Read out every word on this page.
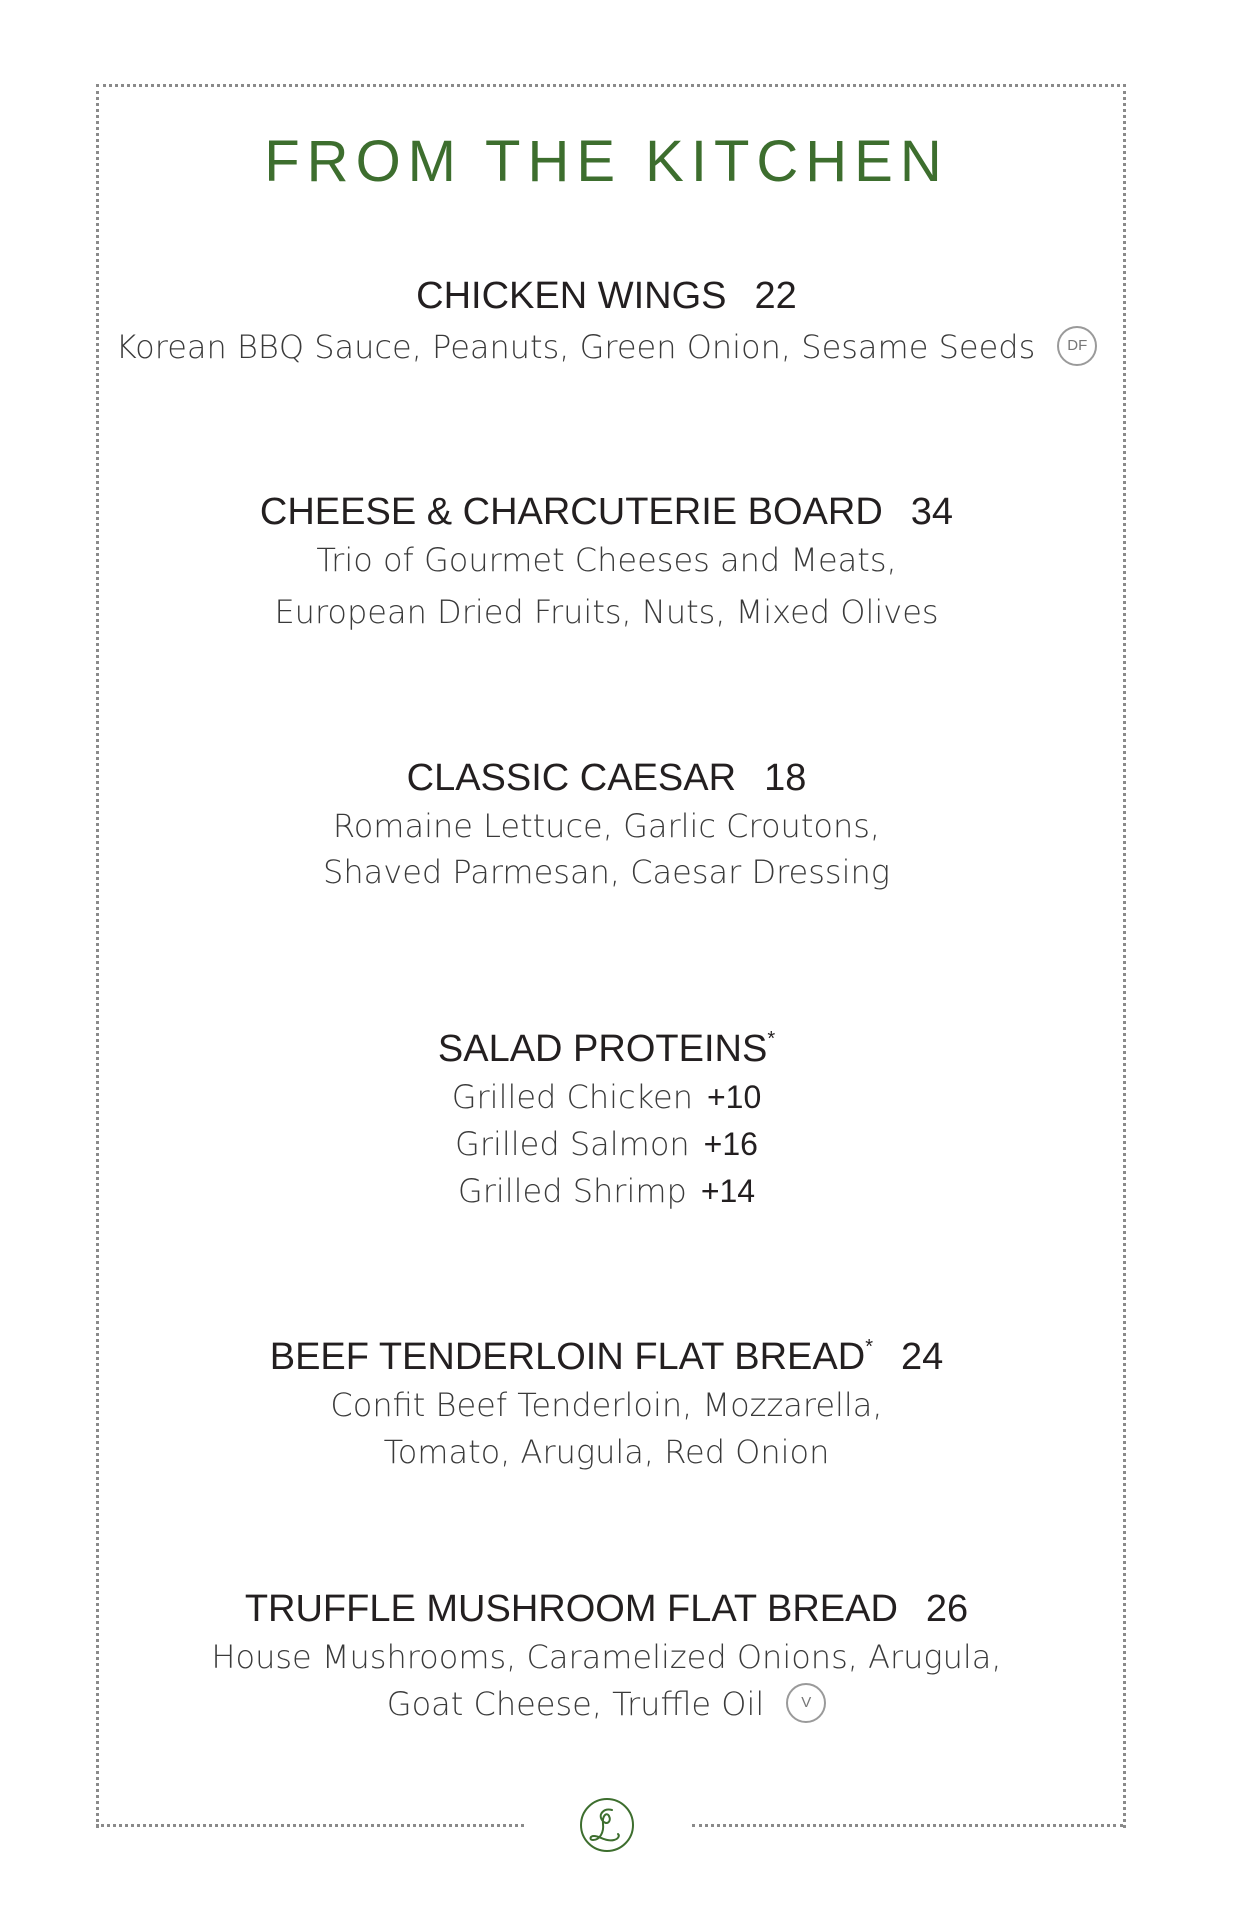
FROM THE KITCHEN
CHICKEN WINGS 22
Korean BBQ Sauce, Peanuts, Green Onion, Sesame Seeds DF
CHEESE & CHARCUTERIE BOARD 34
Trio of Gourmet Cheeses and Meats,
European Dried Fruits, Nuts, Mixed Olives
CLASSIC CAESAR 18
Romaine Lettuce, Garlic Croutons,
Shaved Parmesan, Caesar Dressing
SALAD PROTEINS*
Grilled Chicken +10
Grilled Salmon +16
Grilled Shrimp +14
BEEF TENDERLOIN FLAT BREAD* 24
Confit Beef Tenderloin, Mozzarella,
Tomato, Arugula, Red Onion
TRUFFLE MUSHROOM FLAT BREAD 26
House Mushrooms, Caramelized Onions, Arugula,
Goat Cheese, Truffle Oil V
